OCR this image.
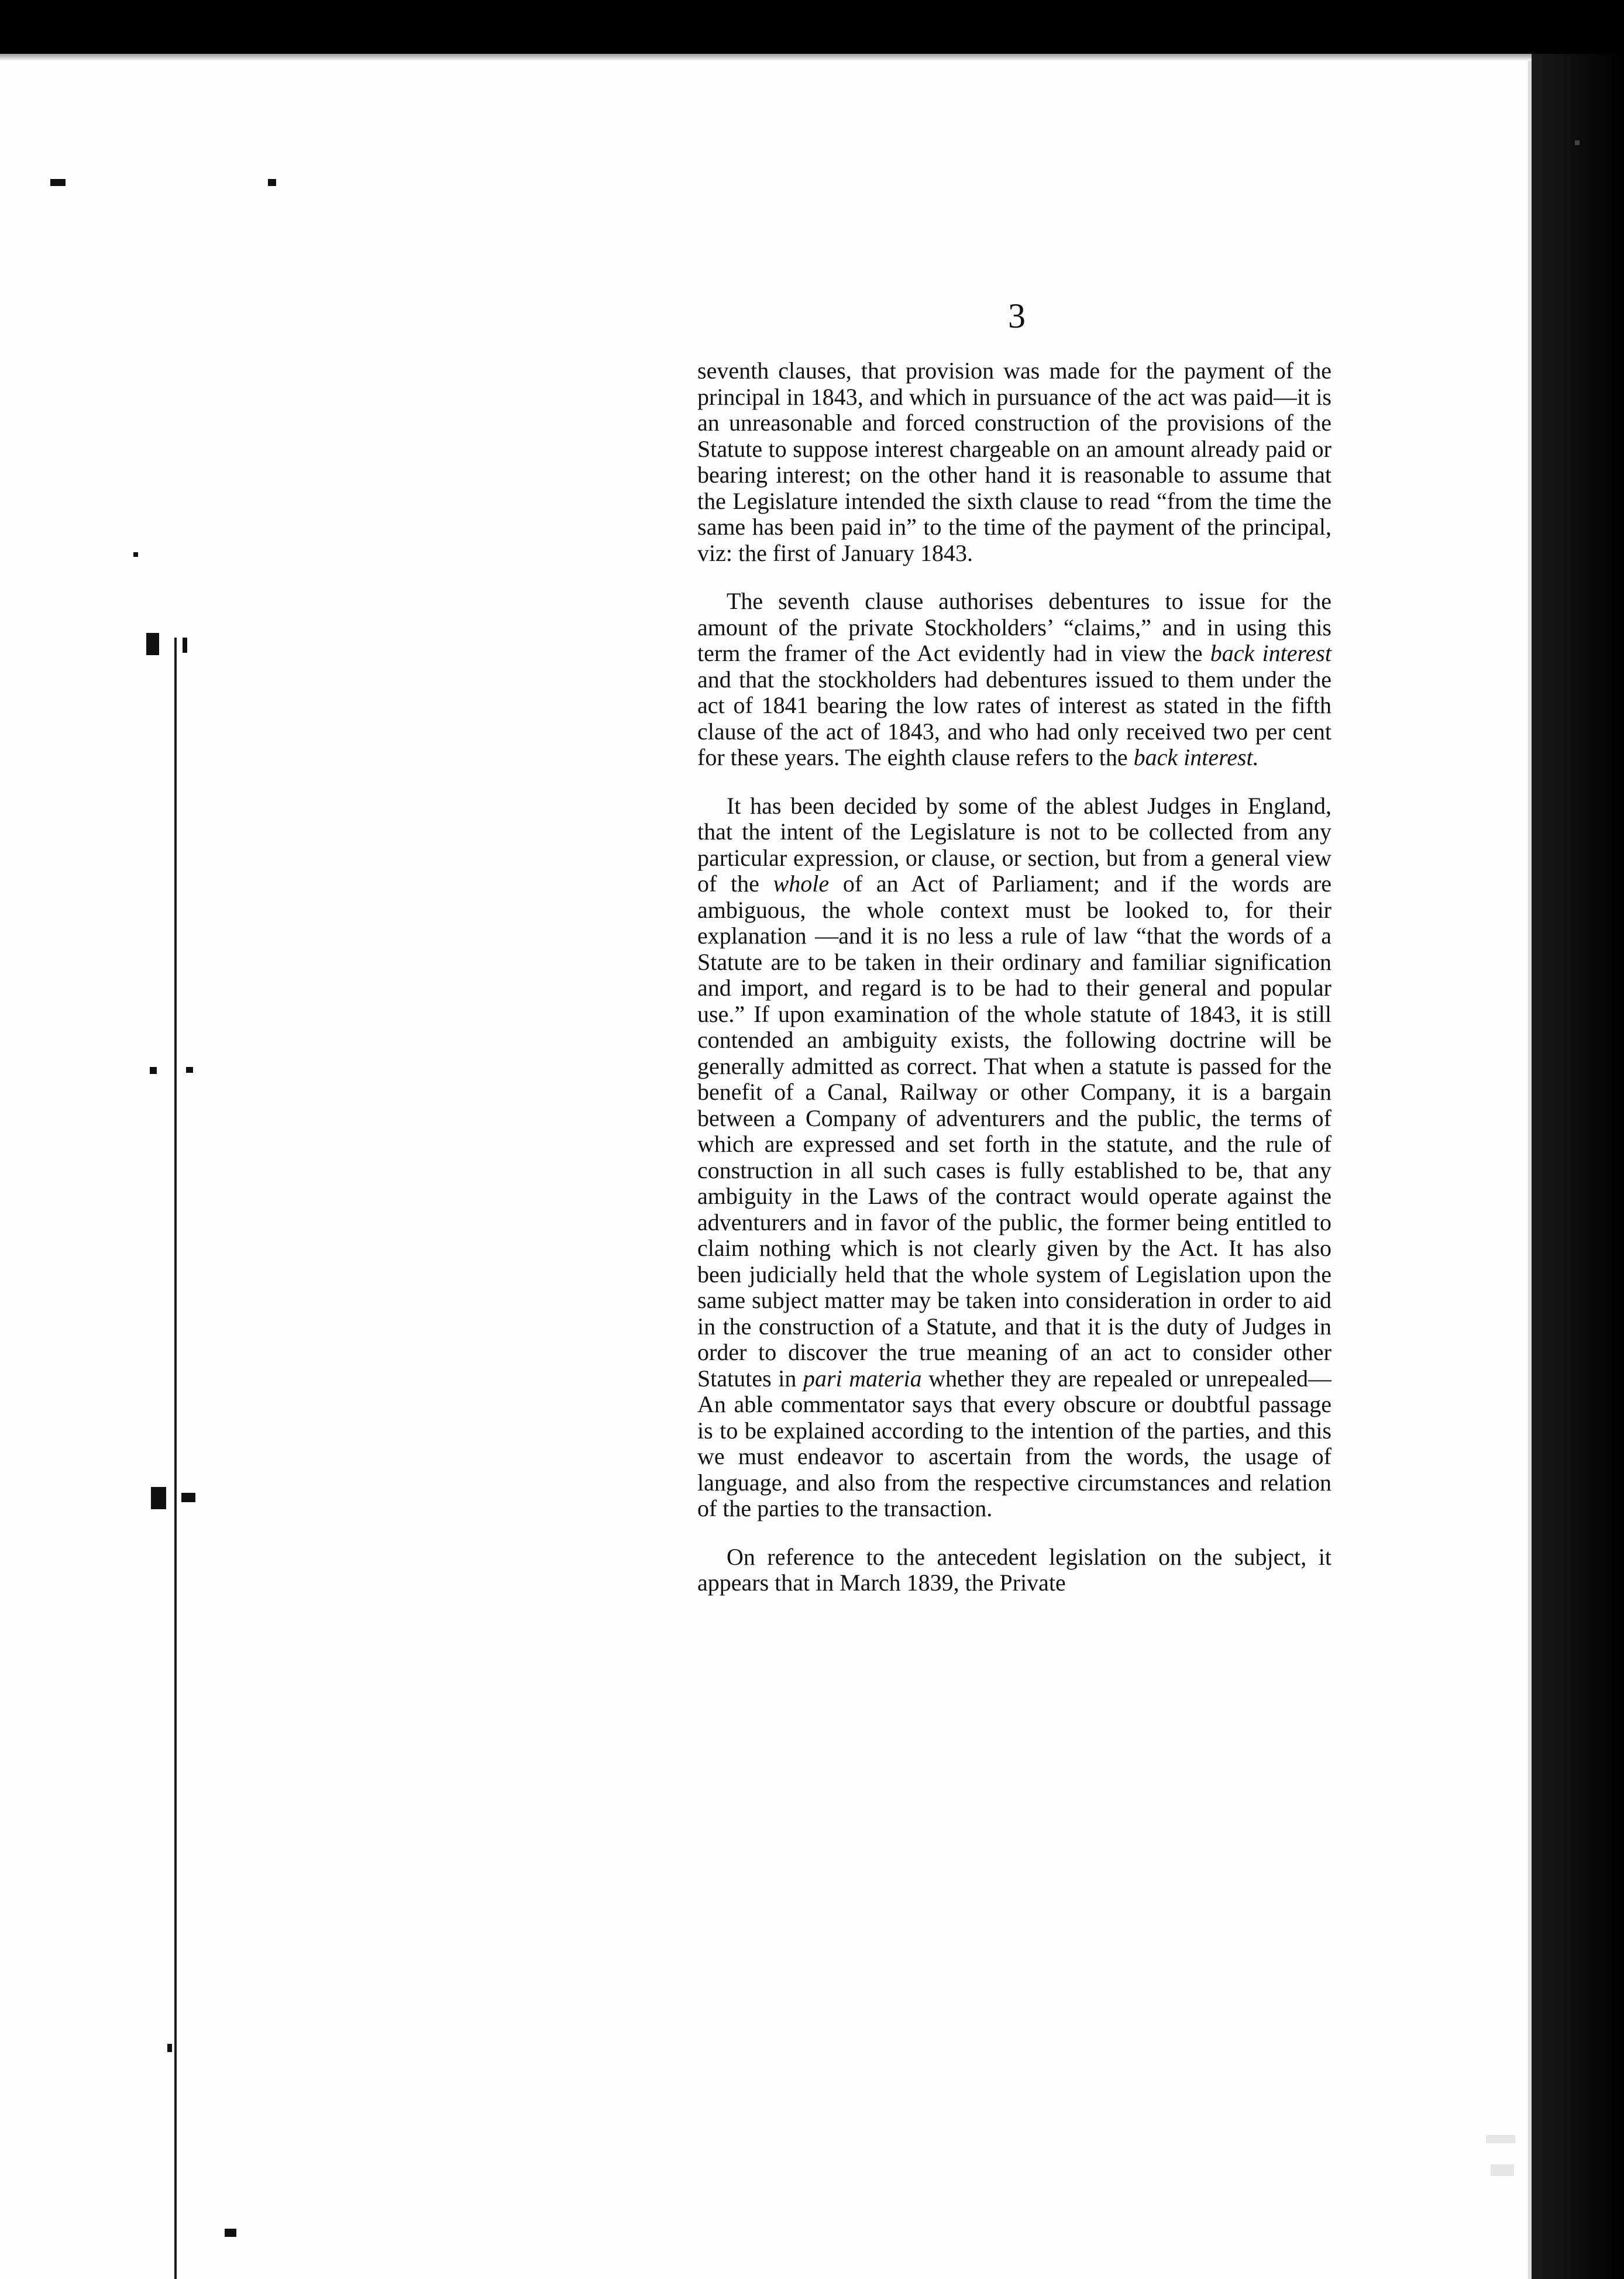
3

seventh clauses, that provision was made for the payment of the principal in 1843, and which in pursuance of the act was paid—it is an unreasonable and forced construction of the provisions of the Statute to suppose interest chargeable on an amount already paid or bearing interest; on the other hand it is reasonable to assume that the Legislature intended the sixth clause to read “from the time the same has been paid in” to the time of the payment of the principal, viz: the first of January 1843.

The seventh clause authorises debentures to issue for the amount of the private Stockholders’ “claims,” and in using this term the framer of the Act evidently had in view the back interest and that the stockholders had debentures issued to them under the act of 1841 bearing the low rates of interest as stated in the fifth clause of the act of 1843, and who had only received two per cent for these years. The eighth clause refers to the back interest.

It has been decided by some of the ablest Judges in England, that the intent of the Legislature is not to be collected from any particular expression, or clause, or section, but from a general view of the whole of an Act of Parliament; and if the words are ambiguous, the whole context must be looked to, for their explanation —and it is no less a rule of law “that the words of a Statute are to be taken in their ordinary and familiar signification and import, and regard is to be had to their general and popular use.” If upon examination of the whole statute of 1843, it is still contended an ambiguity exists, the following doctrine will be generally admitted as correct. That when a statute is passed for the benefit of a Canal, Railway or other Company, it is a bargain between a Company of adventurers and the public, the terms of which are expressed and set forth in the statute, and the rule of construction in all such cases is fully established to be, that any ambiguity in the Laws of the contract would operate against the adventurers and in favor of the public, the former being entitled to claim nothing which is not clearly given by the Act. It has also been judicially held that the whole system of Legislation upon the same subject matter may be taken into consideration in order to aid in the construction of a Statute, and that it is the duty of Judges in order to discover the true meaning of an act to consider other Statutes in pari materia whether they are repealed or unrepealed— An able commentator says that every obscure or doubtful passage is to be explained according to the intention of the parties, and this we must endeavor to ascertain from the words, the usage of language, and also from the respective circumstances and relation of the parties to the transaction.

On reference to the antecedent legislation on the subject, it appears that in March 1839, the Private
